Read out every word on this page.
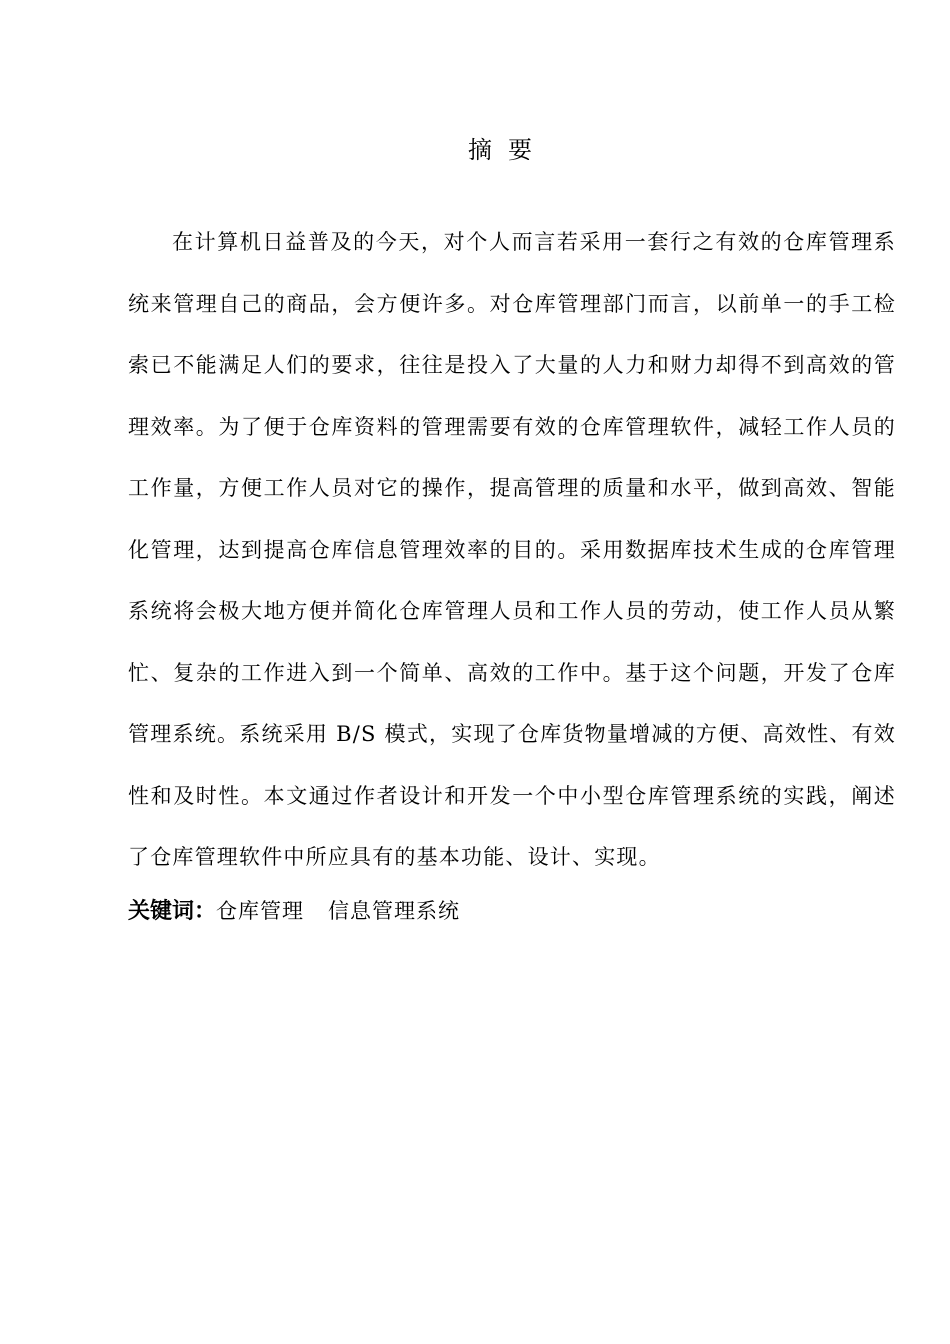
摘要

在计算机日益普及的今天，对个人而言若采用一套行之有效的仓库管理系统来管理自己的商品，会方便许多。对仓库管理部门而言，以前单一的手工检索已不能满足人们的要求，往往是投入了大量的人力和财力却得不到高效的管理效率。为了便于仓库资料的管理需要有效的仓库管理软件，减轻工作人员的工作量，方便工作人员对它的操作，提高管理的质量和水平，做到高效、智能化管理，达到提高仓库信息管理效率的目的。采用数据库技术生成的仓库管理系统将会极大地方便并简化仓库管理人员和工作人员的劳动，使工作人员从繁忙、复杂的工作进入到一个简单、高效的工作中。基于这个问题，开发了仓库管理系统。系统采用 B/S 模式，实现了仓库货物量增减的方便、高效性、有效性和及时性。本文通过作者设计和开发一个中小型仓库管理系统的实践，阐述了仓库管理软件中所应具有的基本功能、设计、实现。

关键词：仓库管理 信息管理系统
